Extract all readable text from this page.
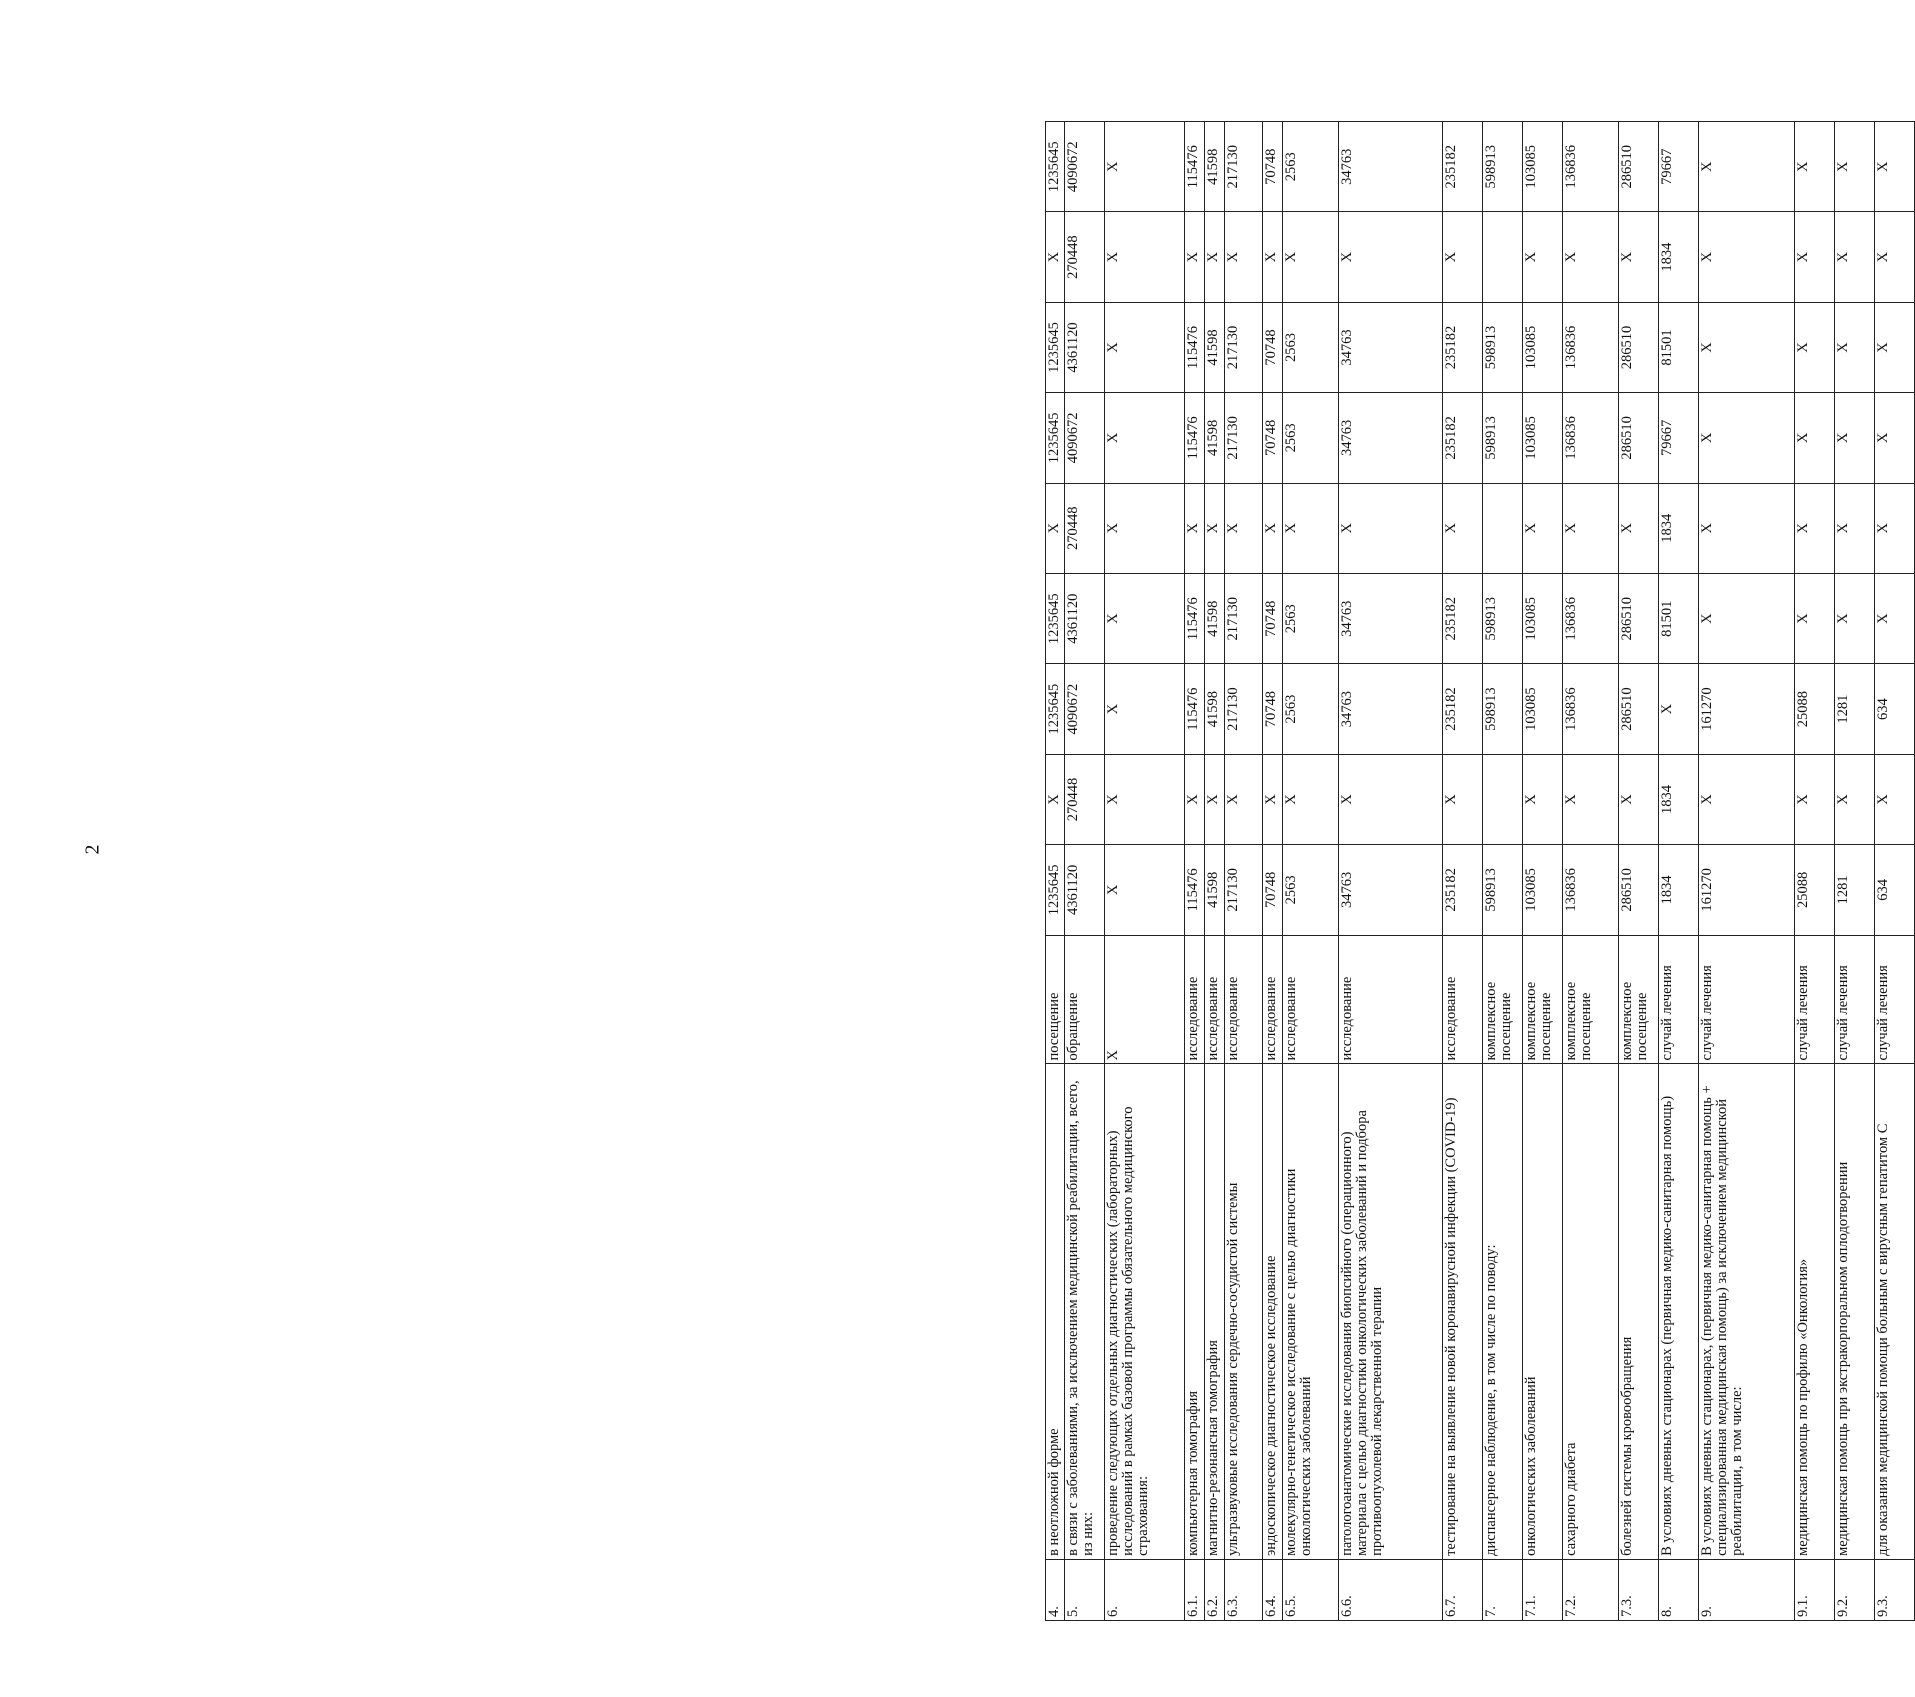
2
4.	в неотложной форме	посещение	1235645	X	1235645	1235645	X	1235645	1235645	X	1235645
5.	в связи с заболеваниями, за исключением медицинской реабилитации, всего, из них:	обращение	4361120	270448	4090672	4361120	270448	4090672	4361120	270448	4090672
6.	проведение следующих отдельных диагностических (лабораторных) исследований в рамках базовой программы обязательного медицинского страхования:	X	X	X	X	X	X	X	X	X	X
6.1.	компьютерная томография	исследование	115476	X	115476	115476	X	115476	115476	X	115476
6.2.	магнитно-резонансная томография	исследование	41598	X	41598	41598	X	41598	41598	X	41598
6.3.	ультразвуковые исследования сердечно-сосудистой системы	исследование	217130	X	217130	217130	X	217130	217130	X	217130
6.4.	эндоскопическое диагностическое исследование	исследование	70748	X	70748	70748	X	70748	70748	X	70748
6.5.	молекулярно-генетическое исследование с целью диагностики онкологических заболеваний	исследование	2563	X	2563	2563	X	2563	2563	X	2563
6.6.	патологоанатомические исследования биопсийного (операционного) материала с целью диагностики онкологических заболеваний и подбора противоопухолевой лекарственной терапии	исследование	34763	X	34763	34763	X	34763	34763	X	34763
6.7.	тестирование на выявление новой коронавирусной инфекции (COVID-19)	исследование	235182	X	235182	235182	X	235182	235182	X	235182
7.	диспансерное наблюдение, в том числе по поводу:	комплексное посещение	598913		598913	598913		598913	598913		598913
7.1.	онкологических заболеваний	комплексное посещение	103085	X	103085	103085	X	103085	103085	X	103085
7.2.	сахарного диабета	комплексное посещение	136836	X	136836	136836	X	136836	136836	X	136836
7.3.	болезней системы кровообращения	комплексное посещение	286510	X	286510	286510	X	286510	286510	X	286510
8.	В условиях дневных стационарах (первичная медико-санитарная помощь)	случай лечения	1834	1834	X	81501	1834	79667	81501	1834	79667
9.	В условиях дневных стационарах, (первичная медико-санитарная помощь + специализированная медицинская помощь) за исключением медицинской реабилитации, в том числе:	случай лечения	161270	X	161270	X	X	X	X	X	X
9.1.	медицинская помощь по профилю «Онкология»	случай лечения	25088	X	25088	X	X	X	X	X	X
9.2.	медицинская помощь при экстракорпоральном оплодотворении	случай лечения	1281	X	1281	X	X	X	X	X	X
9.3.	для оказания медицинской помощи больным с вирусным гепатитом С	случай лечения	634	X	634	X	X	X	X	X	X
